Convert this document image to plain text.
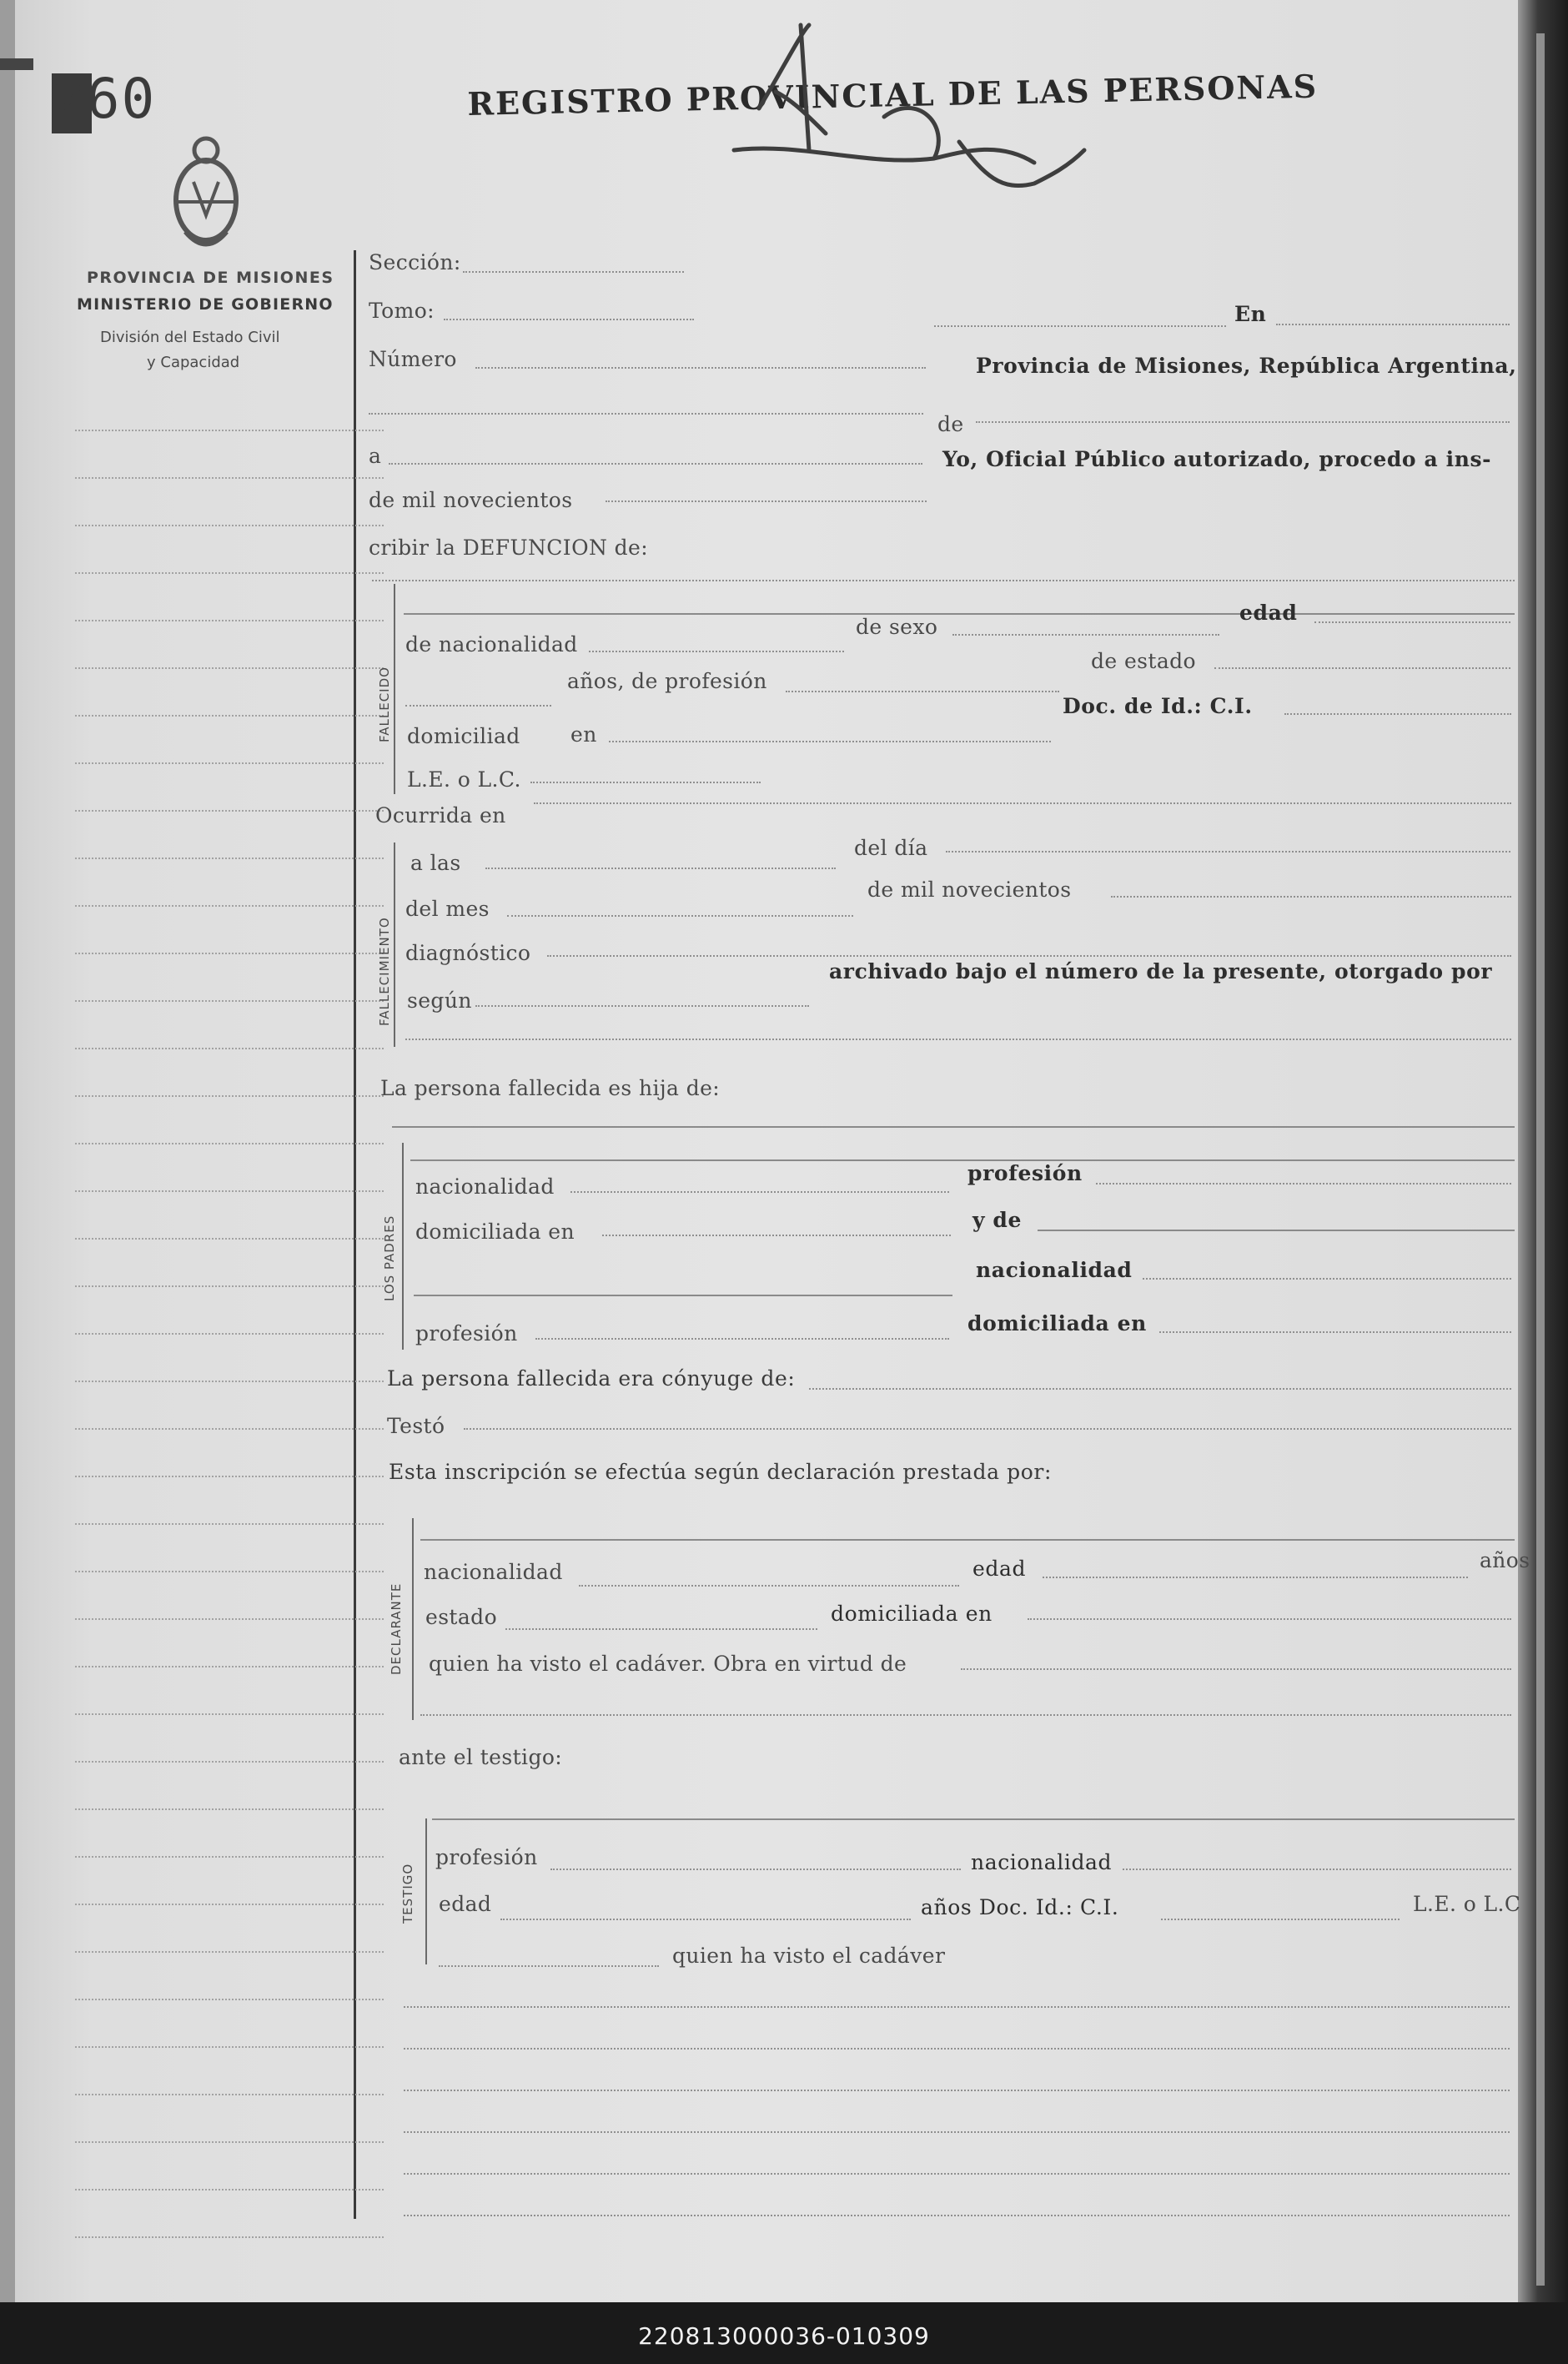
260	REGISTRO PROVINCIAL DE LAS PERSONAS
PROVINCIA DE MISIONES
MINISTERIO DE GOBIERNO
División del Estado Civil
y Capacidad
Sección:
Tomo:	En
Número	Provincia de Misiones, República Argentina,
de
a	Yo, Oficial Público autorizado, procedo a ins-
de mil novecientos
cribir la DEFUNCION de:
FALLECIDO
de nacionalidad
de sexo
edad
años, de profesión
de estado
domiciliad en
Doc. de Id.: C.I.
L.E. o L.C.
Ocurrida en
FALLECIMIENTO
a las
del día
del mes
de mil novecientos
diagnóstico
según
archivado bajo el número de la presente, otorgado por
La persona fallecida es hija de:
LOS PADRES
nacionalidad
profesión
domiciliada en	y de
nacionalidad
profesión	domiciliada en
La persona fallecida era cónyuge de:
Testó
Esta inscripción se efectúa según declaración prestada por:
DECLARANTE
nacionalidad	edad	años
estado	domiciliada en
quien ha visto el cadáver. Obra en virtud de
ante el testigo:
TESTIGO
profesión	nacionalidad
edad	años Doc. Id.: C.I.	L.E. o L.C
quien ha visto el cadáver
220813000036-010309
